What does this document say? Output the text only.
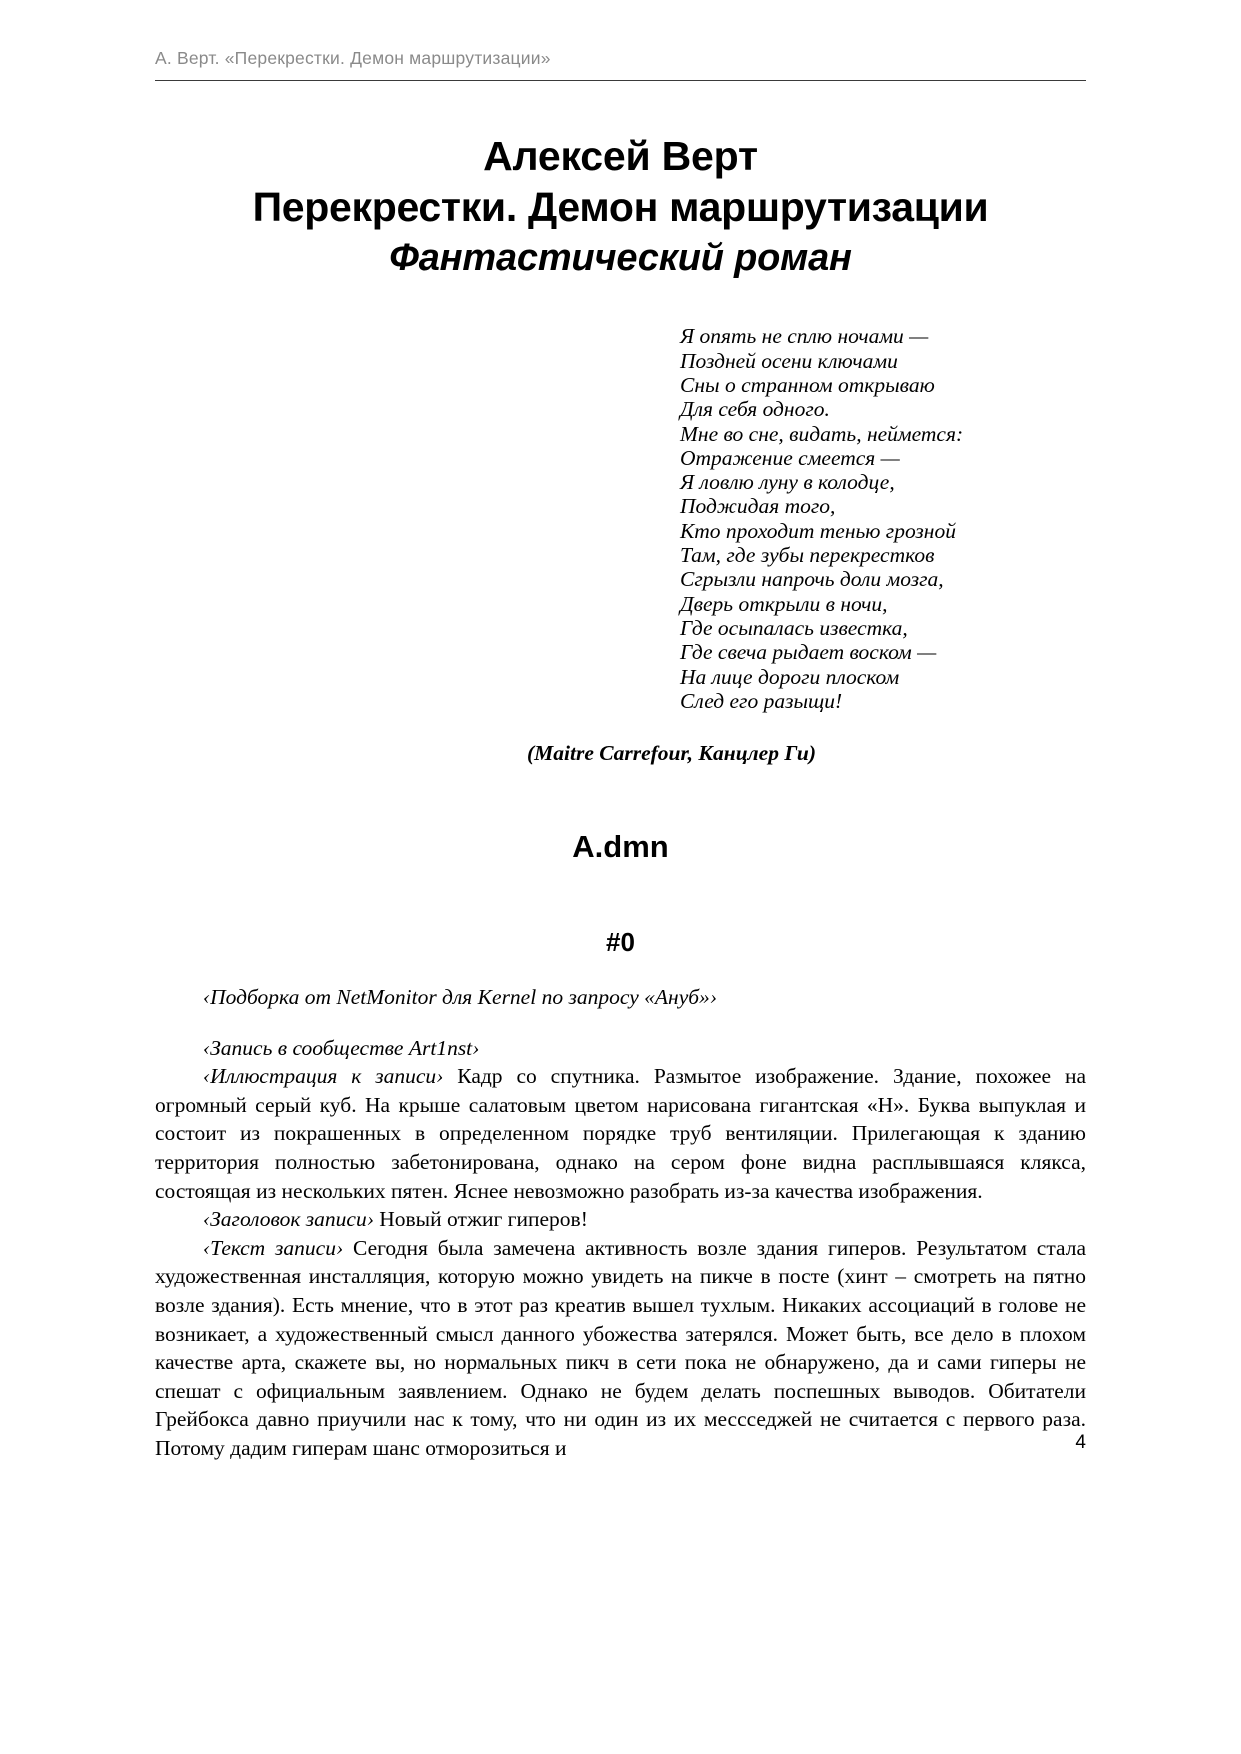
А. Верт. «Перекрестки. Демон маршрутизации»
Алексей Верт
Перекрестки. Демон маршрутизации
Фантастический роман
Я опять не сплю ночами —
Поздней осени ключами
Сны о странном открываю
Для себя одного.
Мне во сне, видать, неймется:
Отражение смеется —
Я ловлю луну в колодце,
Поджидая того,
Кто проходит тенью грозной
Там, где зубы перекрестков
Сгрызли напрочь доли мозга,
Дверь открыли в ночи,
Где осыпалась известка,
Где свеча рыдает воском —
На лице дороги плоском
След его разыщи!
(Maitre Carrefour, Канцлер Ги)
A.dmn
#0

‹Подборка от NetMonitor для Kernel по запросу «Ануб»›

‹Запись в сообществе Art1nst›

‹Иллюстрация к записи› Кадр со спутника. Размытое изображение. Здание, похожее на огромный серый куб. На крыше салатовым цветом нарисована гигантская «Н». Буква выпуклая и состоит из покрашенных в определенном порядке труб вентиляции. Прилегающая к зданию территория полностью забетонирована, однако на сером фоне видна расплывшаяся клякса, состоящая из нескольких пятен. Яснее невозможно разобрать из-за качества изображения.

‹Заголовок записи› Новый отжиг гиперов!

‹Текст записи› Сегодня была замечена активность возле здания гиперов. Результатом стала художественная инсталляция, которую можно увидеть на пикче в посте (хинт – смотреть на пятно возле здания). Есть мнение, что в этот раз креатив вышел тухлым. Никаких ассоциаций в голове не возникает, а художественный смысл данного убожества затерялся. Может быть, все дело в плохом качестве арта, скажете вы, но нормальных пикч в сети пока не обнаружено, да и сами гиперы не спешат с официальным заявлением. Однако не будем делать поспешных выводов. Обитатели Грейбокса давно приучили нас к тому, что ни один из их мессседжей не считается с первого раза. Потому дадим гиперам шанс отморозиться и	4
